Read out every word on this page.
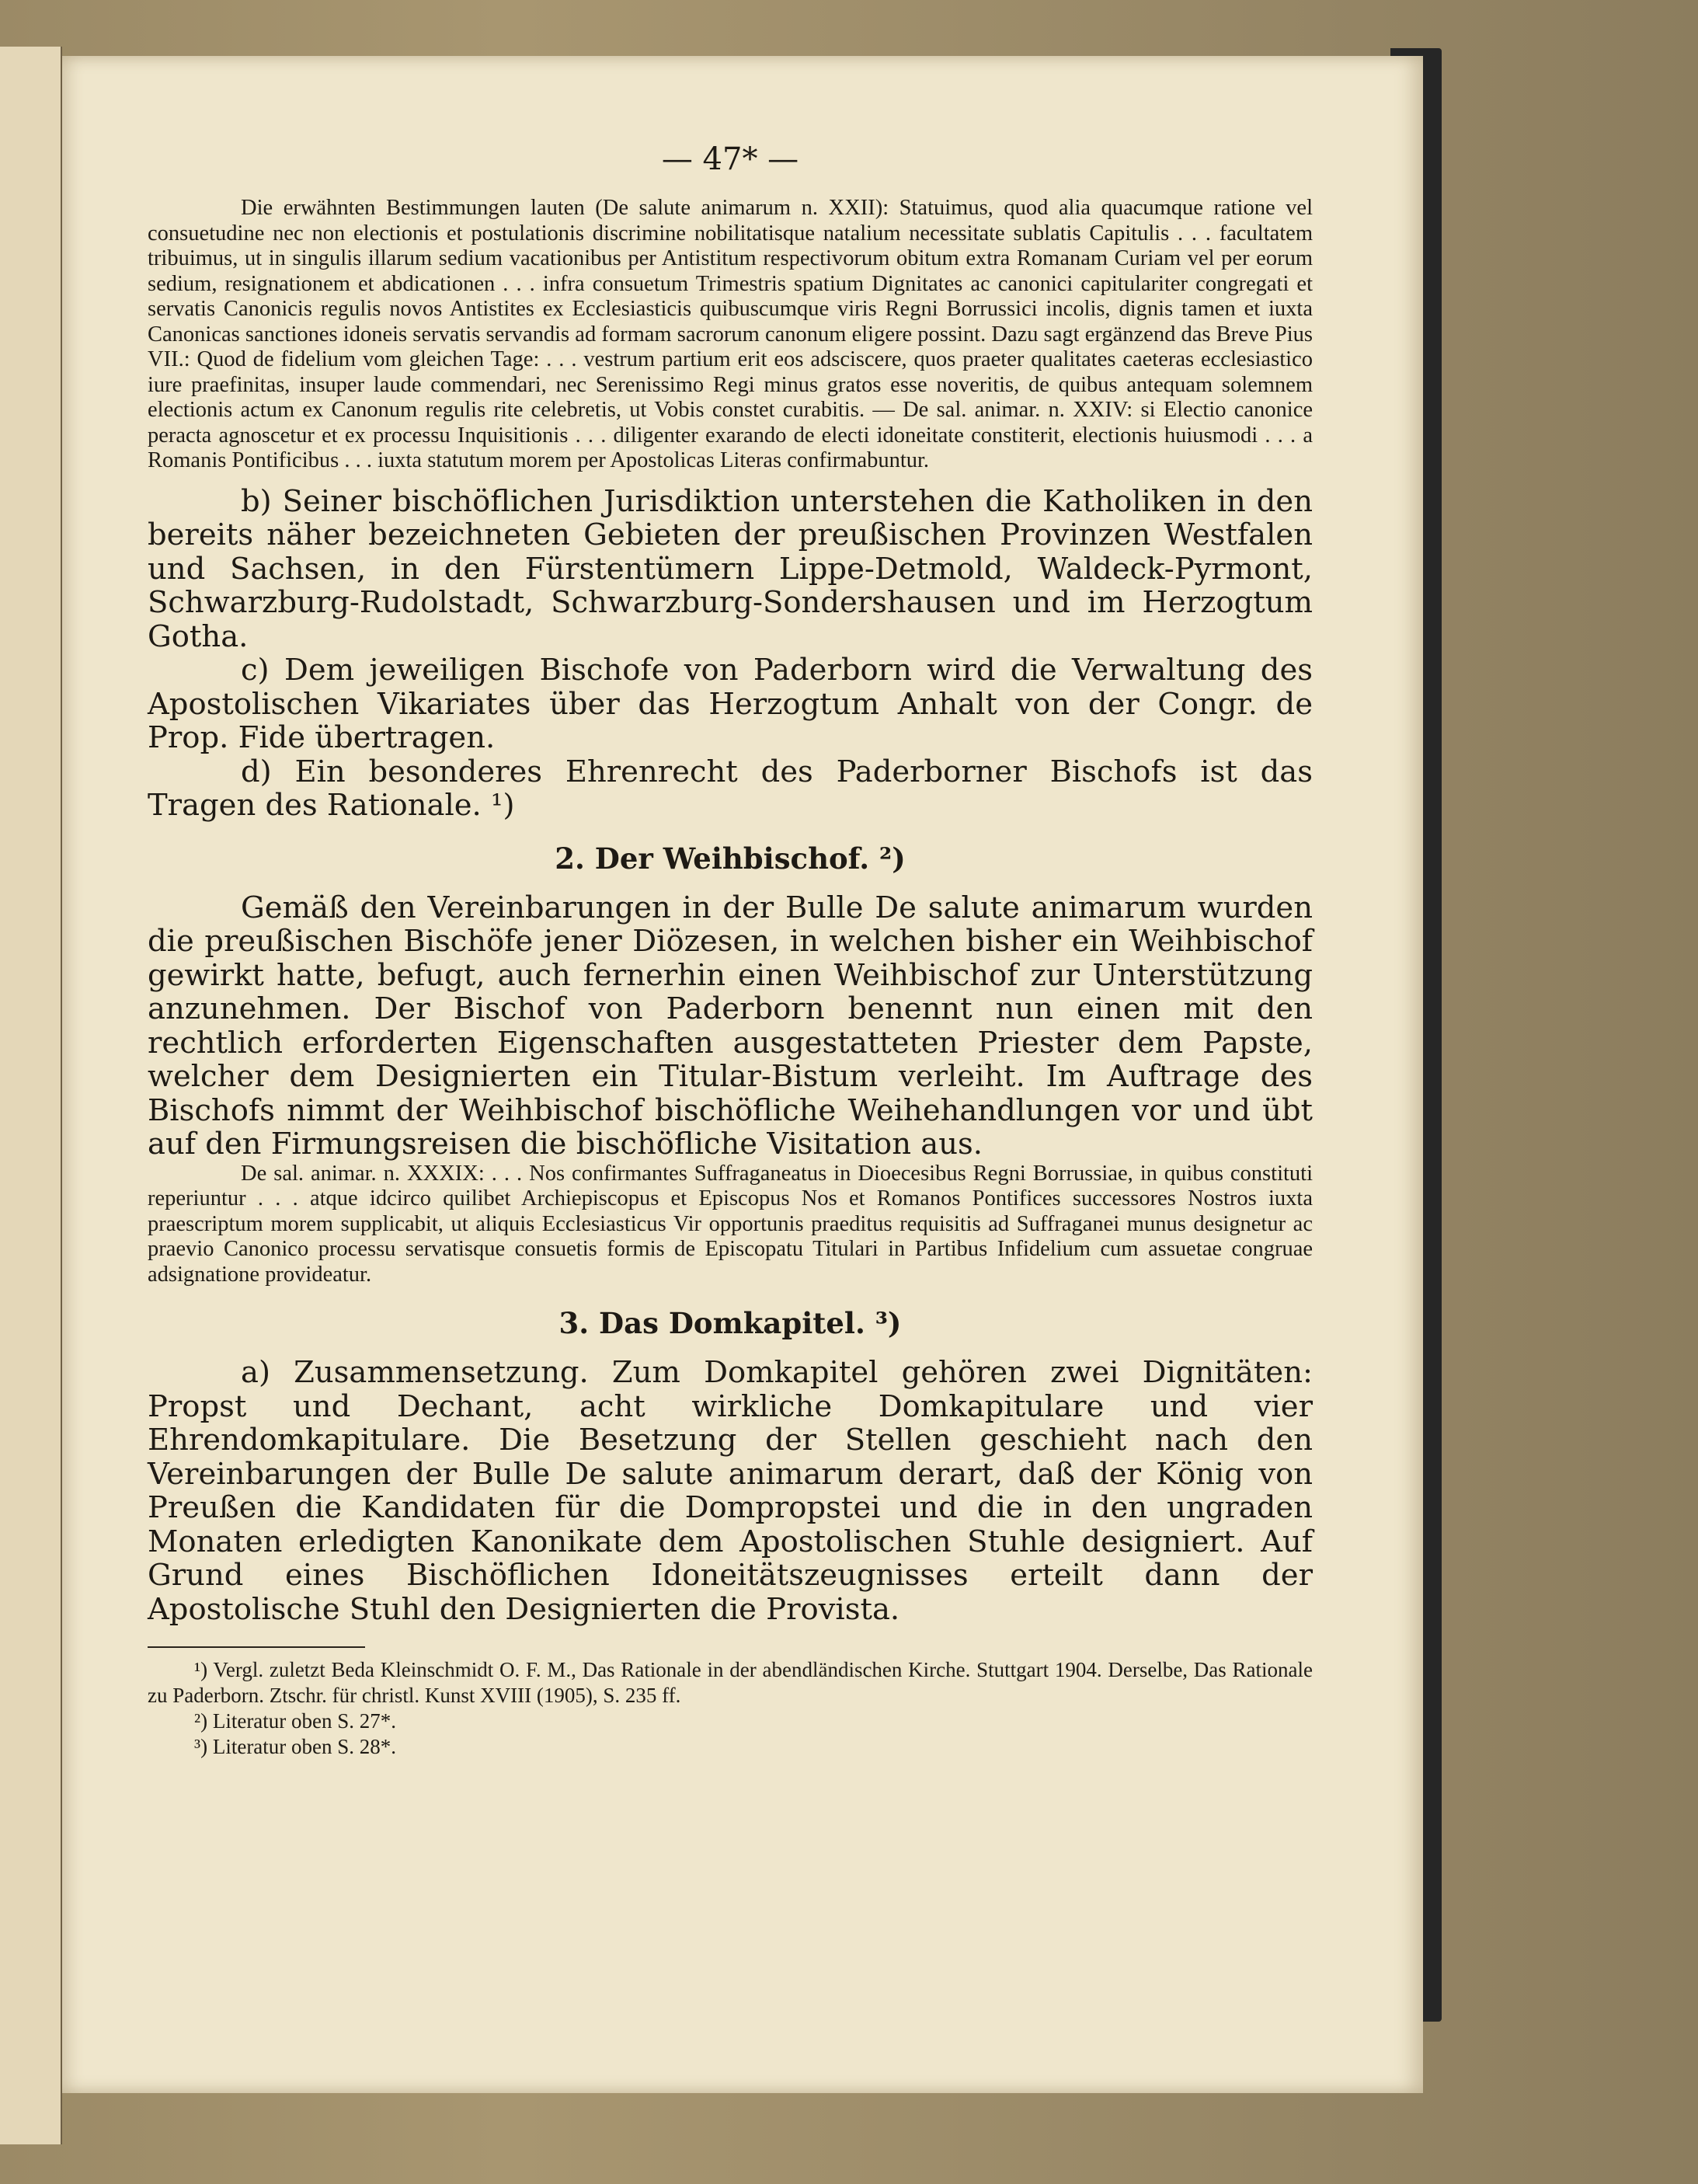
— 47* —

Die erwähnten Bestimmungen lauten (De salute animarum n. XXII): Statuimus, quod alia quacumque ratione vel consuetudine nec non electionis et postulationis discrimine nobilitatisque natalium necessitate sublatis Capitulis . . . facultatem tribuimus, ut in singulis illarum sedium vacationibus per Antistitum respectivorum obitum extra Romanam Curiam vel per eorum sedium, resignationem et abdicationen . . . infra consuetum Trimestris spatium Dignitates ac canonici capitulariter congregati et servatis Canonicis regulis novos Antistites ex Ecclesiasticis quibuscumque viris Regni Borrussici incolis, dignis tamen et iuxta Canonicas sanctiones idoneis servatis servandis ad formam sacrorum canonum eligere possint. Dazu sagt ergänzend das Breve Pius VII.: Quod de fidelium vom gleichen Tage: . . . vestrum partium erit eos adsciscere, quos praeter qualitates caeteras ecclesiastico iure praefinitas, insuper laude commendari, nec Serenissimo Regi minus gratos esse noveritis, de quibus antequam solemnem electionis actum ex Canonum regulis rite celebretis, ut Vobis constet curabitis. — De sal. animar. n. XXIV: si Electio canonice peracta agnoscetur et ex processu Inquisitionis . . . diligenter exarando de electi idoneitate constiterit, electionis huiusmodi . . . a Romanis Pontificibus . . . iuxta statutum morem per Apostolicas Literas confirmabuntur.

b) Seiner bischöflichen Jurisdiktion unterstehen die Katholiken in den bereits näher bezeichneten Gebieten der preußischen Provinzen Westfalen und Sachsen, in den Fürstentümern Lippe-Detmold, Waldeck-Pyrmont, Schwarzburg-Rudolstadt, Schwarzburg-Sondershausen und im Herzogtum Gotha.

c) Dem jeweiligen Bischofe von Paderborn wird die Verwaltung des Apostolischen Vikariates über das Herzogtum Anhalt von der Congr. de Prop. Fide übertragen.

d) Ein besonderes Ehrenrecht des Paderborner Bischofs ist das Tragen des Rationale. ¹)

2. Der Weihbischof. ²)

Gemäß den Vereinbarungen in der Bulle De salute animarum wurden die preußischen Bischöfe jener Diözesen, in welchen bisher ein Weihbischof gewirkt hatte, befugt, auch fernerhin einen Weihbischof zur Unterstützung anzunehmen. Der Bischof von Paderborn benennt nun einen mit den rechtlich erforderten Eigenschaften ausgestatteten Priester dem Papste, welcher dem Designierten ein Titular-Bistum verleiht. Im Auftrage des Bischofs nimmt der Weihbischof bischöfliche Weihehandlungen vor und übt auf den Firmungsreisen die bischöfliche Visitation aus.

De sal. animar. n. XXXIX: . . . Nos confirmantes Suffraganeatus in Dioecesibus Regni Borrussiae, in quibus constituti reperiuntur . . . atque idcirco quilibet Archiepiscopus et Episcopus Nos et Romanos Pontifices successores Nostros iuxta praescriptum morem supplicabit, ut aliquis Ecclesiasticus Vir opportunis praeditus requisitis ad Suffraganei munus designetur ac praevio Canonico processu servatisque consuetis formis de Episcopatu Titulari in Partibus Infidelium cum assuetae congruae adsignatione provideatur.

3. Das Domkapitel. ³)

a) Zusammensetzung. Zum Domkapitel gehören zwei Dignitäten: Propst und Dechant, acht wirkliche Domkapitulare und vier Ehrendomkapitulare. Die Besetzung der Stellen geschieht nach den Vereinbarungen der Bulle De salute animarum derart, daß der König von Preußen die Kandidaten für die Dompropstei und die in den ungraden Monaten erledigten Kanonikate dem Apostolischen Stuhle designiert. Auf Grund eines Bischöflichen Idoneitätszeugnisses erteilt dann der Apostolische Stuhl den Designierten die Provista.

¹) Vergl. zuletzt Beda Kleinschmidt O. F. M., Das Rationale in der abendländischen Kirche. Stuttgart 1904. Derselbe, Das Rationale zu Paderborn. Ztschr. für christl. Kunst XVIII (1905), S. 235 ff.

²) Literatur oben S. 27*.

³) Literatur oben S. 28*.
